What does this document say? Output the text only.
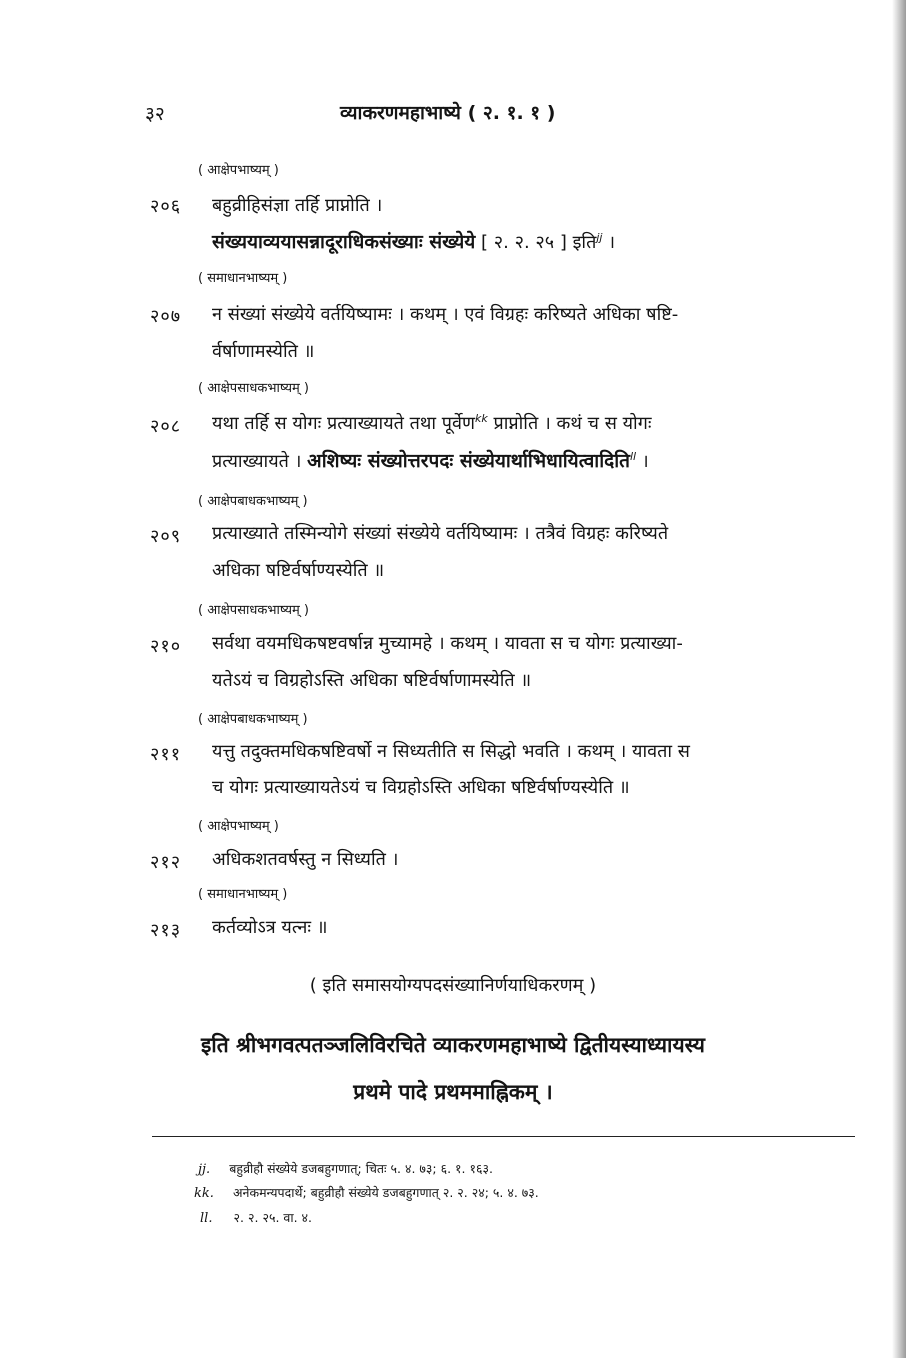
३२	व्याकरणमहाभाष्ये ( २. १. १ )
( आक्षेपभाष्यम् )
२०६ बहुव्रीहिसंज्ञा तर्हि प्राप्नोति ।
संख्ययाव्ययासन्नादूराधिकसंख्याः संख्येये [ २. २. २५ ] इति$^{jj}$ ।
( समाधानभाष्यम् )
२०७ न संख्यां संख्येये वर्तयिष्यामः । कथम् । एवं विग्रहः करिष्यते अधिका षष्टि-
र्वर्षाणामस्येति ॥
( आक्षेपसाधकभाष्यम् )
२०८ यथा तर्हि स योगः प्रत्याख्यायते तथा पूर्वेण$^{kk}$ प्राप्नोति । कथं च स योगः
प्रत्याख्यायते । अशिष्यः संख्योत्तरपदः संख्येयार्थाभिधायित्वादिति$^{ll}$ ।
( आक्षेपबाधकभाष्यम् )
२०९ प्रत्याख्याते तस्मिन्योगे संख्यां संख्येये वर्तयिष्यामः । तत्रैवं विग्रहः करिष्यते
अधिका षष्टिर्वर्षाण्यस्येति ॥
( आक्षेपसाधकभाष्यम् )
२१० सर्वथा वयमधिकषष्टवर्षान्न मुच्यामहे । कथम् । यावता स च योगः प्रत्याख्या-
यतेऽयं च विग्रहोऽस्ति अधिका षष्टिर्वर्षाणामस्येति ॥
( आक्षेपबाधकभाष्यम् )
२११ यत्तु तदुक्तमधिकषष्टिवर्षो न सिध्यतीति स सिद्धो भवति । कथम् । यावता स
च योगः प्रत्याख्यायतेऽयं च विग्रहोऽस्ति अधिका षष्टिर्वर्षाण्यस्येति ॥
( आक्षेपभाष्यम् )
२१२ अधिकशतवर्षस्तु न सिध्यति ।
( समाधानभाष्यम् )
२१३ कर्तव्योऽत्र यत्नः ॥
( इति समासयोग्यपदसंख्यानिर्णयाधिकरणम् )
इति श्रीभगवत्पतञ्जलिविरचिते व्याकरणमहाभाष्ये द्वितीयस्याध्यायस्य
प्रथमे पादे प्रथममाह्निकम् ।
jj. बहुव्रीहौ संख्येये डजबहुगणात्; चितः ५. ४. ७३; ६. १. १६३.
kk. अनेकमन्यपदार्थे; बहुव्रीहौ संख्येये डजबहुगणात् २. २. २४; ५. ४. ७३.
ll. २. २. २५. वा. ४.
